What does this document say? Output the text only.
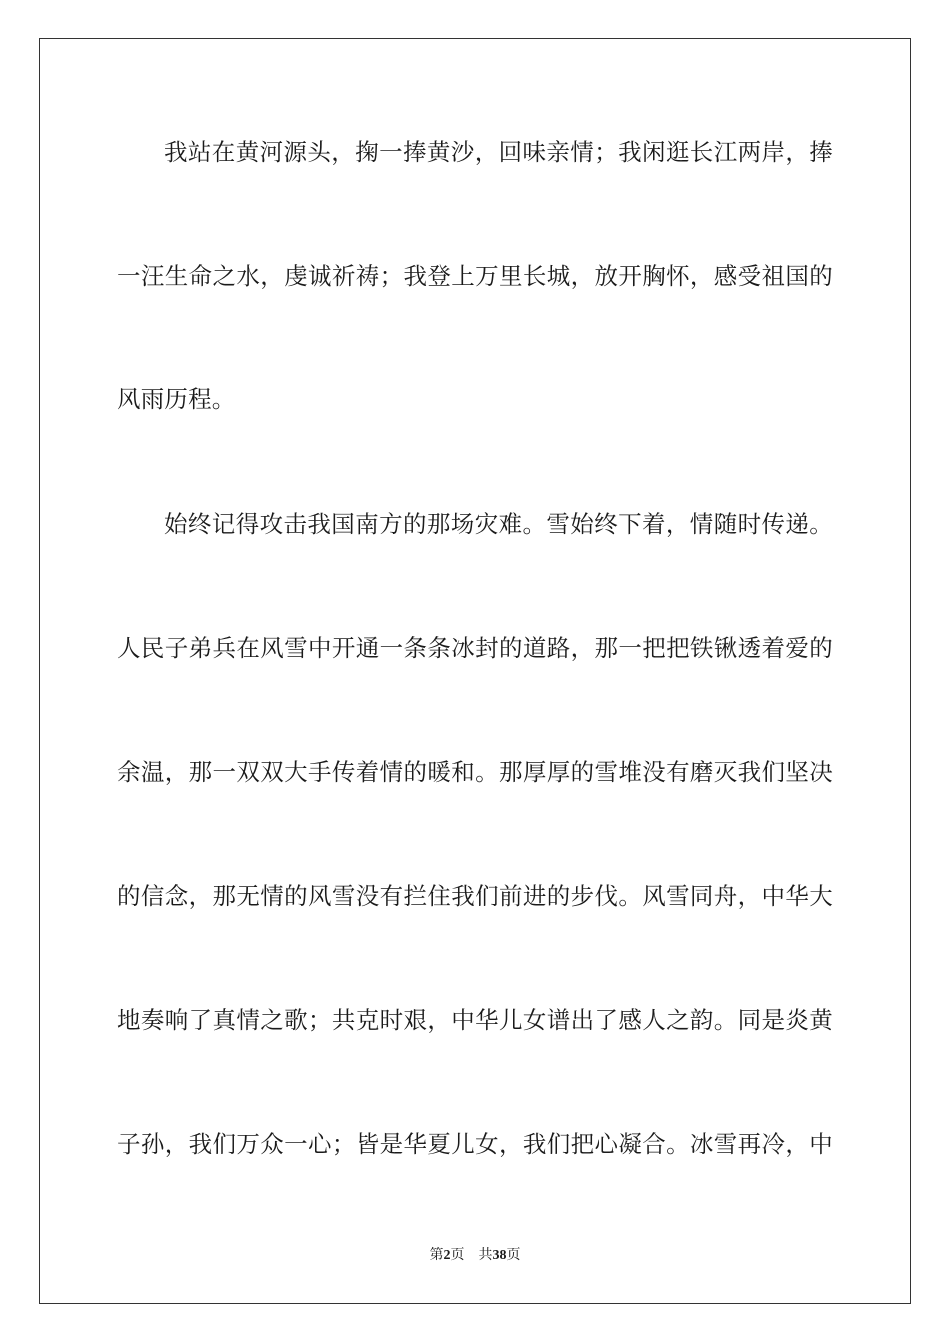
我站在黄河源头，掬一捧黄沙，回味亲情；我闲逛长江两岸，捧
一汪生命之水，虔诚祈祷；我登上万里长城，放开胸怀，感受祖国的
风雨历程。
始终记得攻击我国南方的那场灾难。雪始终下着，情随时传递。
人民子弟兵在风雪中开通一条条冰封的道路，那一把把铁锹透着爱的
余温，那一双双大手传着情的暖和。那厚厚的雪堆没有磨灭我们坚决
的信念，那无情的风雪没有拦住我们前进的步伐。风雪同舟，中华大
地奏响了真情之歌；共克时艰，中华儿女谱出了感人之韵。同是炎黄
子孙，我们万众一心；皆是华夏儿女，我们把心凝合。冰雪再冷，中
第2页 共38页
